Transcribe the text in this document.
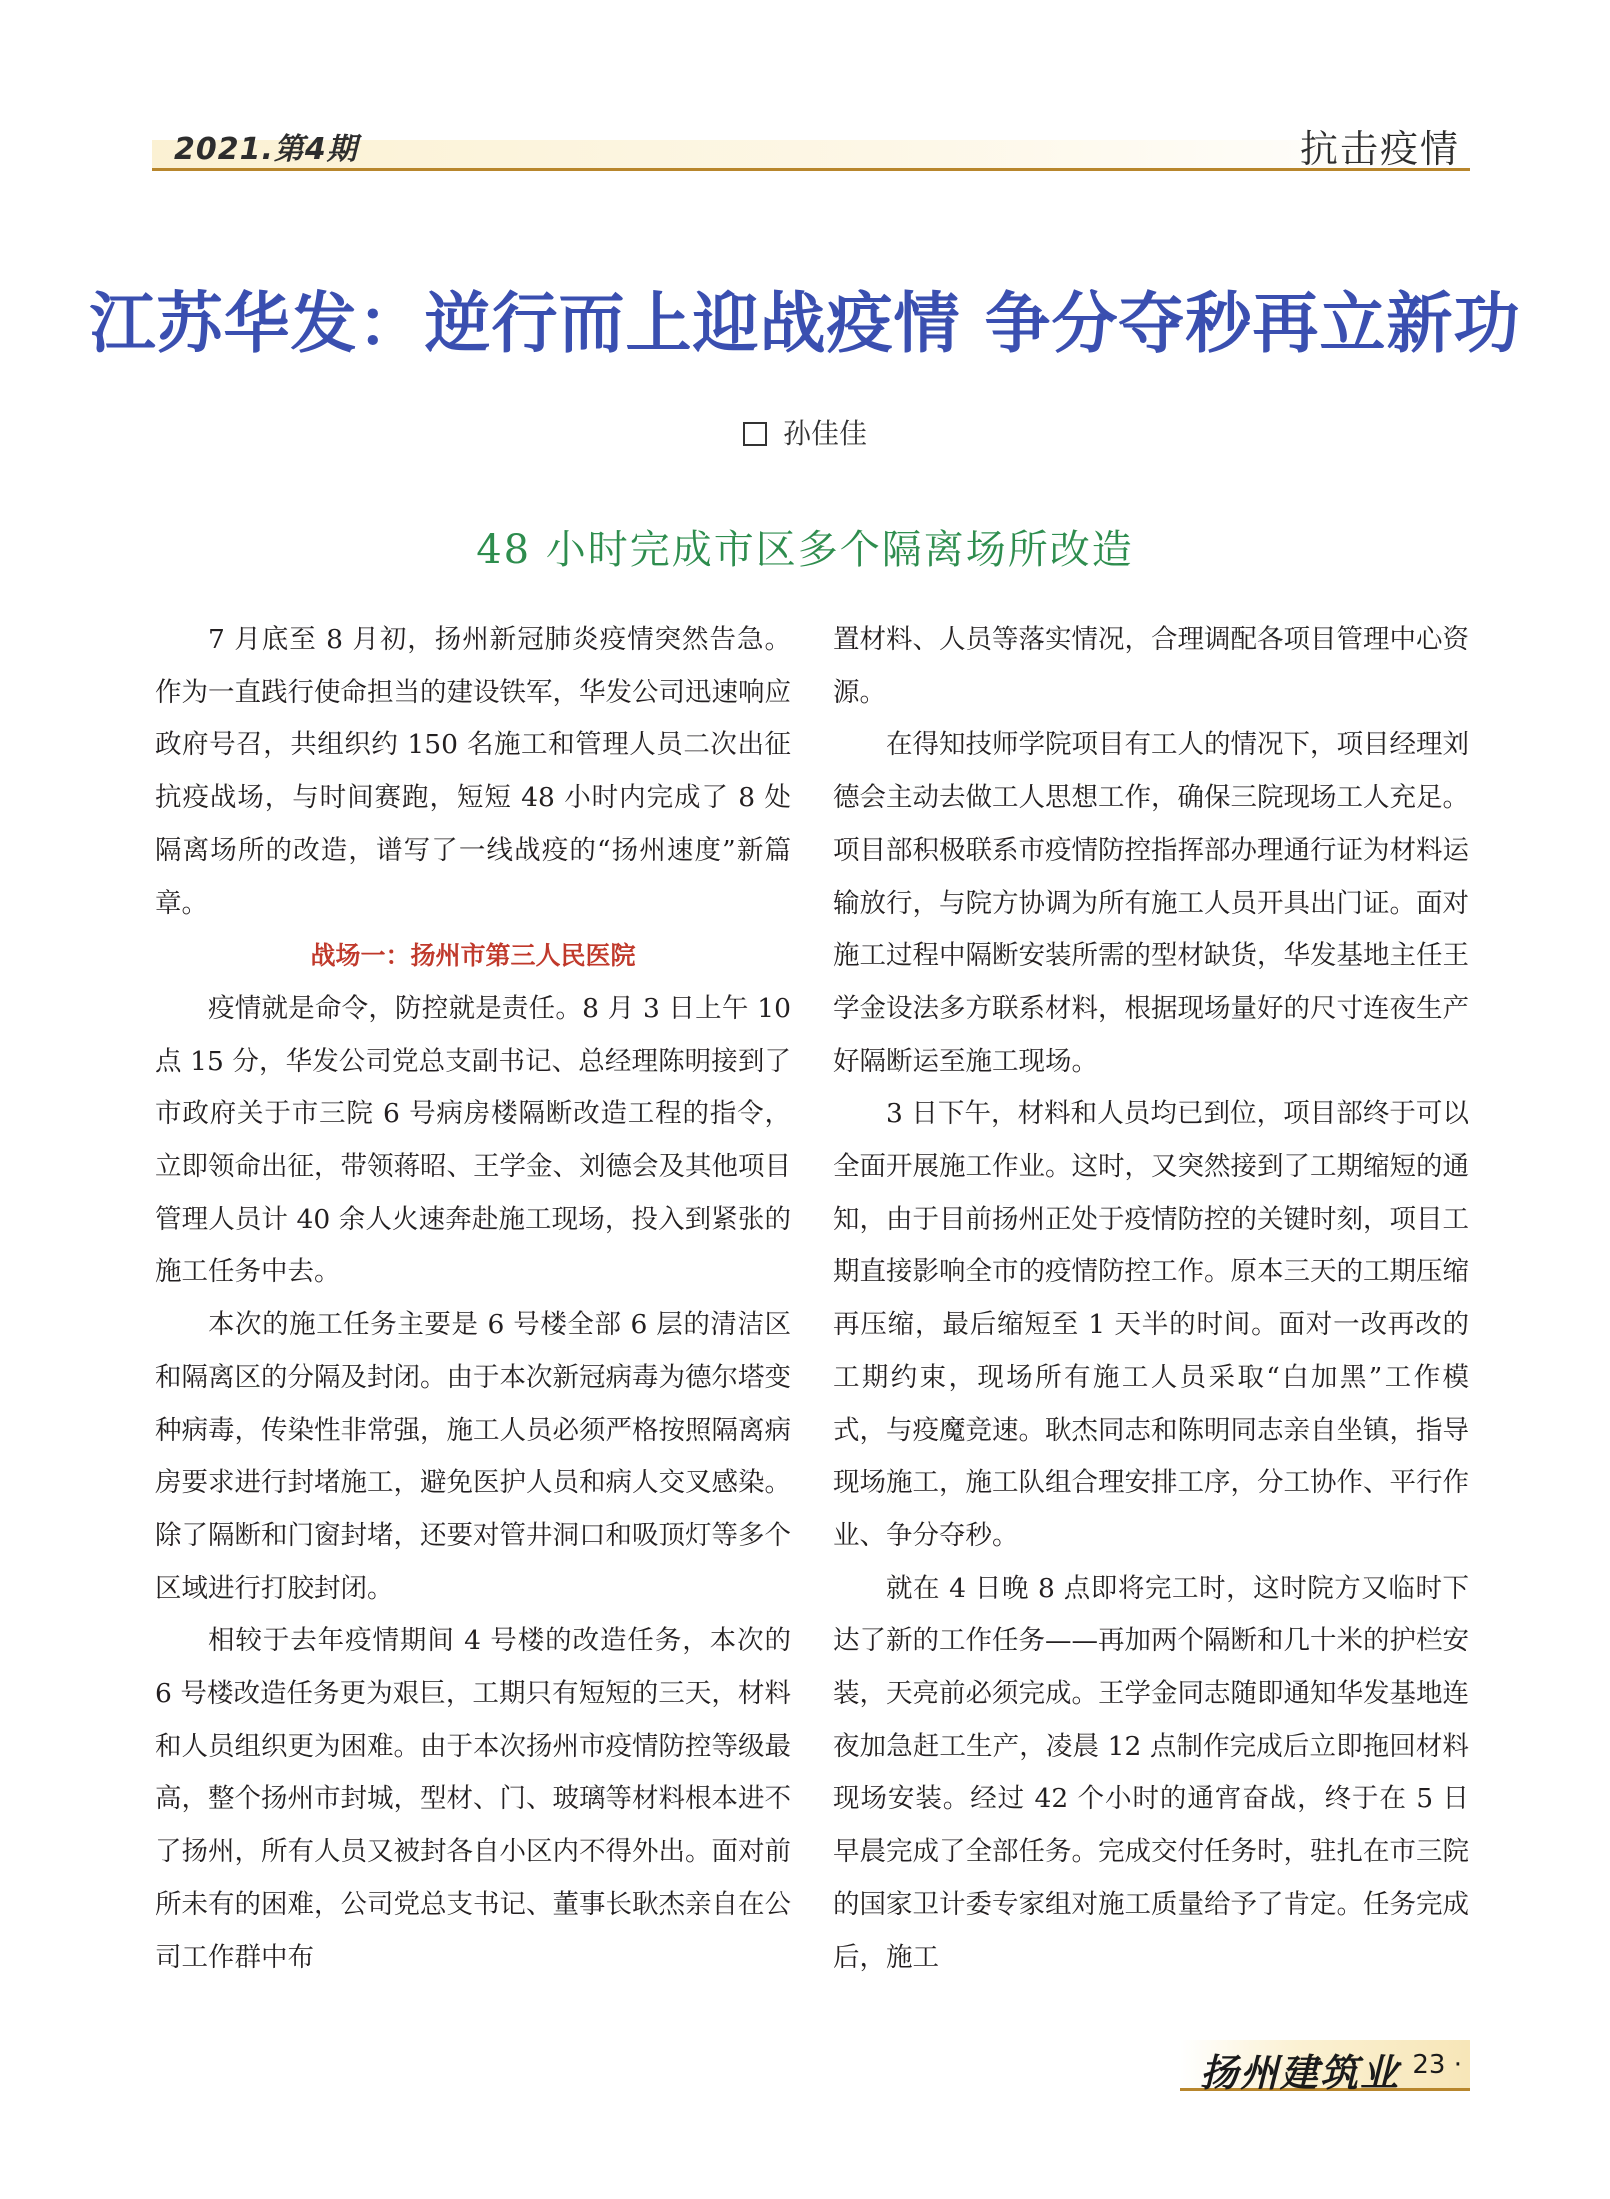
2021.第4期	抗击疫情
江苏华发：逆行而上迎战疫情 争分夺秒再立新功
孙佳佳
48 小时完成市区多个隔离场所改造

7 月底至 8 月初，扬州新冠肺炎疫情突然告急。作为一直践行使命担当的建设铁军，华发公司迅速响应政府号召，共组织约 150 名施工和管理人员二次出征抗疫战场，与时间赛跑，短短 48 小时内完成了 8 处隔离场所的改造，谱写了一线战疫的“扬州速度”新篇章。

战场一：扬州市第三人民医院

疫情就是命令，防控就是责任。8 月 3 日上午 10 点 15 分，华发公司党总支副书记、总经理陈明接到了市政府关于市三院 6 号病房楼隔断改造工程的指令，立即领命出征，带领蒋昭、王学金、刘德会及其他项目管理人员计 40 余人火速奔赴施工现场，投入到紧张的施工任务中去。

本次的施工任务主要是 6 号楼全部 6 层的清洁区和隔离区的分隔及封闭。由于本次新冠病毒为德尔塔变种病毒，传染性非常强，施工人员必须严格按照隔离病房要求进行封堵施工，避免医护人员和病人交叉感染。除了隔断和门窗封堵，还要对管井洞口和吸顶灯等多个区域进行打胶封闭。

相较于去年疫情期间 4 号楼的改造任务，本次的 6 号楼改造任务更为艰巨，工期只有短短的三天，材料和人员组织更为困难。由于本次扬州市疫情防控等级最高，整个扬州市封城，型材、门、玻璃等材料根本进不了扬州，所有人员又被封各自小区内不得外出。面对前所未有的困难，公司党总支书记、董事长耿杰亲自在公司工作群中布

置材料、人员等落实情况，合理调配各项目管理中心资源。

在得知技师学院项目有工人的情况下，项目经理刘德会主动去做工人思想工作，确保三院现场工人充足。项目部积极联系市疫情防控指挥部办理通行证为材料运输放行，与院方协调为所有施工人员开具出门证。面对施工过程中隔断安装所需的型材缺货，华发基地主任王学金设法多方联系材料，根据现场量好的尺寸连夜生产好隔断运至施工现场。

3 日下午，材料和人员均已到位，项目部终于可以全面开展施工作业。这时，又突然接到了工期缩短的通知，由于目前扬州正处于疫情防控的关键时刻，项目工期直接影响全市的疫情防控工作。原本三天的工期压缩再压缩，最后缩短至 1 天半的时间。面对一改再改的工期约束，现场所有施工人员采取“白加黑”工作模式，与疫魔竞速。耿杰同志和陈明同志亲自坐镇，指导现场施工，施工队组合理安排工序，分工协作、平行作业、争分夺秒。

就在 4 日晚 8 点即将完工时，这时院方又临时下达了新的工作任务——再加两个隔断和几十米的护栏安装，天亮前必须完成。王学金同志随即通知华发基地连夜加急赶工生产，凌晨 12 点制作完成后立即拖回材料现场安装。经过 42 个小时的通宵奋战，终于在 5 日早晨完成了全部任务。完成交付任务时，驻扎在市三院的国家卫计委专家组对施工质量给予了肯定。任务完成后，施工

扬州建筑业
· 23 ·
